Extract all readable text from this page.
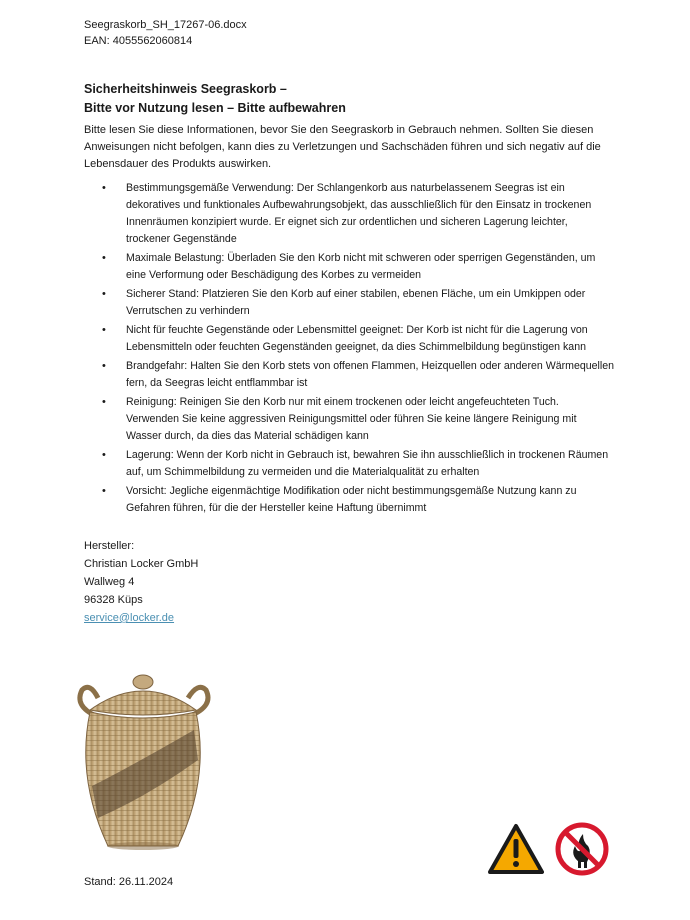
Seegraskorb_SH_17267-06.docx
EAN: 4055562060814
Sicherheitshinweis Seegraskorb –
Bitte vor Nutzung lesen – Bitte aufbewahren
Bitte lesen Sie diese Informationen, bevor Sie den Seegraskorb in Gebrauch nehmen. Sollten Sie diesen Anweisungen nicht befolgen, kann dies zu Verletzungen und Sachschäden führen und sich negativ auf die Lebensdauer des Produkts auswirken.
• Bestimmungsgemäße Verwendung: Der Schlangenkorb aus naturbelassenem Seegras ist ein dekoratives und funktionales Aufbewahrungsobjekt, das ausschließlich für den Einsatz in trockenen Innenräumen konzipiert wurde. Er eignet sich zur ordentlichen und sicheren Lagerung leichter, trockener Gegenstände
• Maximale Belastung: Überladen Sie den Korb nicht mit schweren oder sperrigen Gegenständen, um eine Verformung oder Beschädigung des Korbes zu vermeiden
• Sicherer Stand: Platzieren Sie den Korb auf einer stabilen, ebenen Fläche, um ein Umkippen oder Verrutschen zu verhindern
• Nicht für feuchte Gegenstände oder Lebensmittel geeignet: Der Korb ist nicht für die Lagerung von Lebensmitteln oder feuchten Gegenständen geeignet, da dies Schimmelbildung begünstigen kann
• Brandgefahr: Halten Sie den Korb stets von offenen Flammen, Heizquellen oder anderen Wärmequellen fern, da Seegras leicht entflammbar ist
• Reinigung: Reinigen Sie den Korb nur mit einem trockenen oder leicht angefeuchteten Tuch. Verwenden Sie keine aggressiven Reinigungsmittel oder führen Sie keine längere Reinigung mit Wasser durch, da dies das Material schädigen kann
• Lagerung: Wenn der Korb nicht in Gebrauch ist, bewahren Sie ihn ausschließlich in trockenen Räumen auf, um Schimmelbildung zu vermeiden und die Materialqualität zu erhalten
• Vorsicht: Jegliche eigenmächtige Modifikation oder nicht bestimmungsgemäße Nutzung kann zu Gefahren führen, für die der Hersteller keine Haftung übernimmt
Hersteller:
Christian Locker GmbH
Wallweg 4
96328 Küps
service@locker.de
Stand: 26.11.2024
